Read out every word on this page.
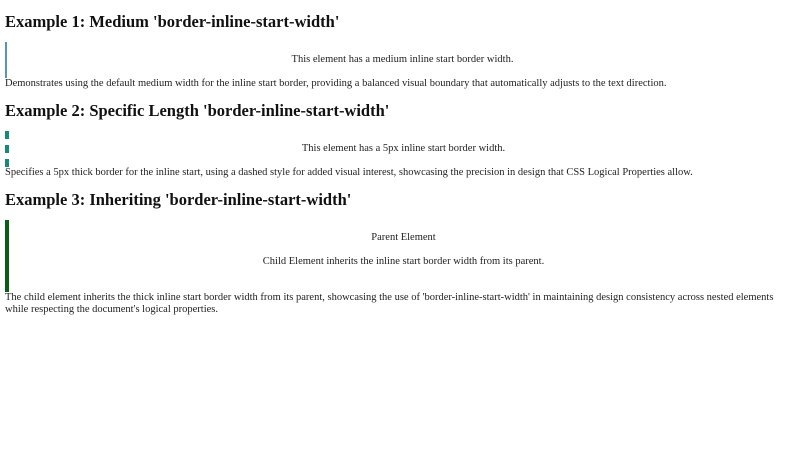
Example 1: Medium 'border-inline-start-width'
This element has a medium inline start border width.
Demonstrates using the default medium width for the inline start border, providing a balanced visual boundary that automatically adjusts to the text direction.
Example 2: Specific Length 'border-inline-start-width'
This element has a 5px inline start border width.
Specifies a 5px thick border for the inline start, using a dashed style for added visual interest, showcasing the precision in design that CSS Logical Properties allow.
Example 3: Inheriting 'border-inline-start-width'
Parent Element
Child Element inherits the inline start border width from its parent.
The child element inherits the thick inline start border width from its parent, showcasing the use of 'border-inline-start-width' in maintaining design consistency across nested elements while respecting the document's logical properties.
